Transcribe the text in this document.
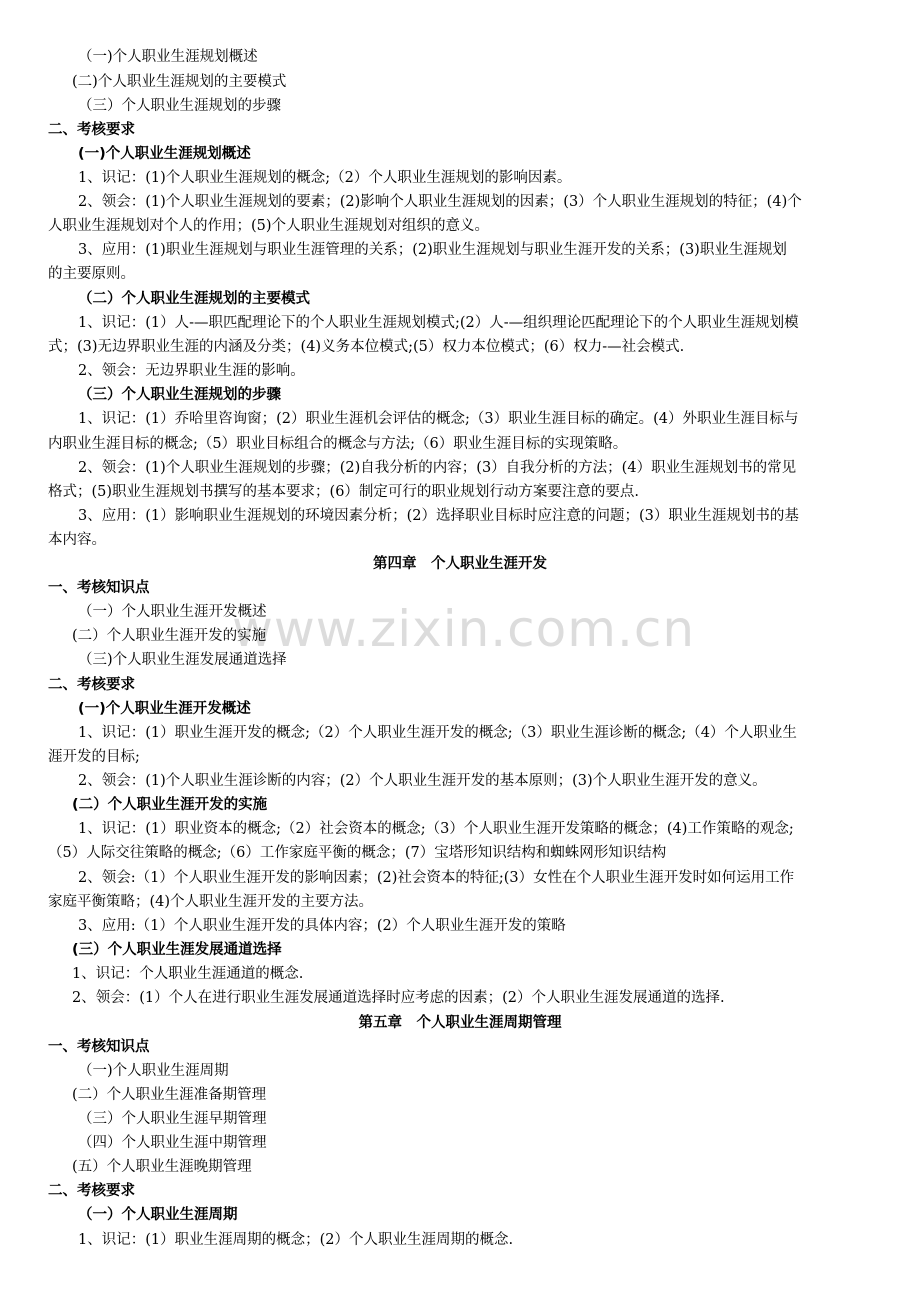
www.zixin.com.cn
（一)个人职业生涯规划概述
(二)个人职业生涯规划的主要模式
（三）个人职业生涯规划的步骤
二、考核要求
(一)个人职业生涯规划概述
1、识记：(1)个人职业生涯规划的概念;（2）个人职业生涯规划的影响因素。
2、领会：(1)个人职业生涯规划的要素；(2)影响个人职业生涯规划的因素；(3）个人职业生涯规划的特征；(4)个
人职业生涯规划对个人的作用；(5)个人职业生涯规划对组织的意义。
3、应用：(1)职业生涯规划与职业生涯管理的关系；(2)职业生涯规划与职业生涯开发的关系；(3)职业生涯规划
的主要原则。
（二）个人职业生涯规划的主要模式
1、识记：(1）人-—职匹配理论下的个人职业生涯规划模式;(2）人-—组织理论匹配理论下的个人职业生涯规划模
式；(3)无边界职业生涯的内涵及分类；(4)义务本位模式;(5）权力本位模式；(6）权力-—社会模式.
2、领会：无边界职业生涯的影响。
（三）个人职业生涯规划的步骤
1、识记：(1）乔哈里咨询窗；(2）职业生涯机会评估的概念;（3）职业生涯目标的确定。(4）外职业生涯目标与
内职业生涯目标的概念;（5）职业目标组合的概念与方法;（6）职业生涯目标的实现策略。
2、领会：(1)个人职业生涯规划的步骤；(2)自我分析的内容；(3）自我分析的方法；(4）职业生涯规划书的常见
格式；(5)职业生涯规划书撰写的基本要求；(6）制定可行的职业规划行动方案要注意的要点.
3、应用：(1）影响职业生涯规划的环境因素分析；(2）选择职业目标时应注意的问题；(3）职业生涯规划书的基
本内容。
第四章　个人职业生涯开发
一、考核知识点
（一）个人职业生涯开发概述
(二）个人职业生涯开发的实施
（三)个人职业生涯发展通道选择
二、考核要求
(一)个人职业生涯开发概述
1、识记：(1）职业生涯开发的概念;（2）个人职业生涯开发的概念;（3）职业生涯诊断的概念;（4）个人职业生
涯开发的目标;
2、领会：(1)个人职业生涯诊断的内容；(2）个人职业生涯开发的基本原则；(3)个人职业生涯开发的意义。
(二）个人职业生涯开发的实施
1、识记：(1）职业资本的概念;（2）社会资本的概念;（3）个人职业生涯开发策略的概念；(4)工作策略的观念;
（5）人际交往策略的概念;（6）工作家庭平衡的概念；(7）宝塔形知识结构和蜘蛛网形知识结构
2、领会:（1）个人职业生涯开发的影响因素；(2)社会资本的特征;(3）女性在个人职业生涯开发时如何运用工作
家庭平衡策略；(4)个人职业生涯开发的主要方法。
3、应用:（1）个人职业生涯开发的具体内容；(2）个人职业生涯开发的策略
(三）个人职业生涯发展通道选择
1、识记：个人职业生涯通道的概念.
2、领会：(1）个人在进行职业生涯发展通道选择时应考虑的因素；(2）个人职业生涯发展通道的选择.
第五章　个人职业生涯周期管理
一、考核知识点
（一)个人职业生涯周期
(二）个人职业生涯准备期管理
（三）个人职业生涯早期管理
（四）个人职业生涯中期管理
(五）个人职业生涯晚期管理
二、考核要求
（一）个人职业生涯周期
1、识记：(1）职业生涯周期的概念；(2）个人职业生涯周期的概念.
